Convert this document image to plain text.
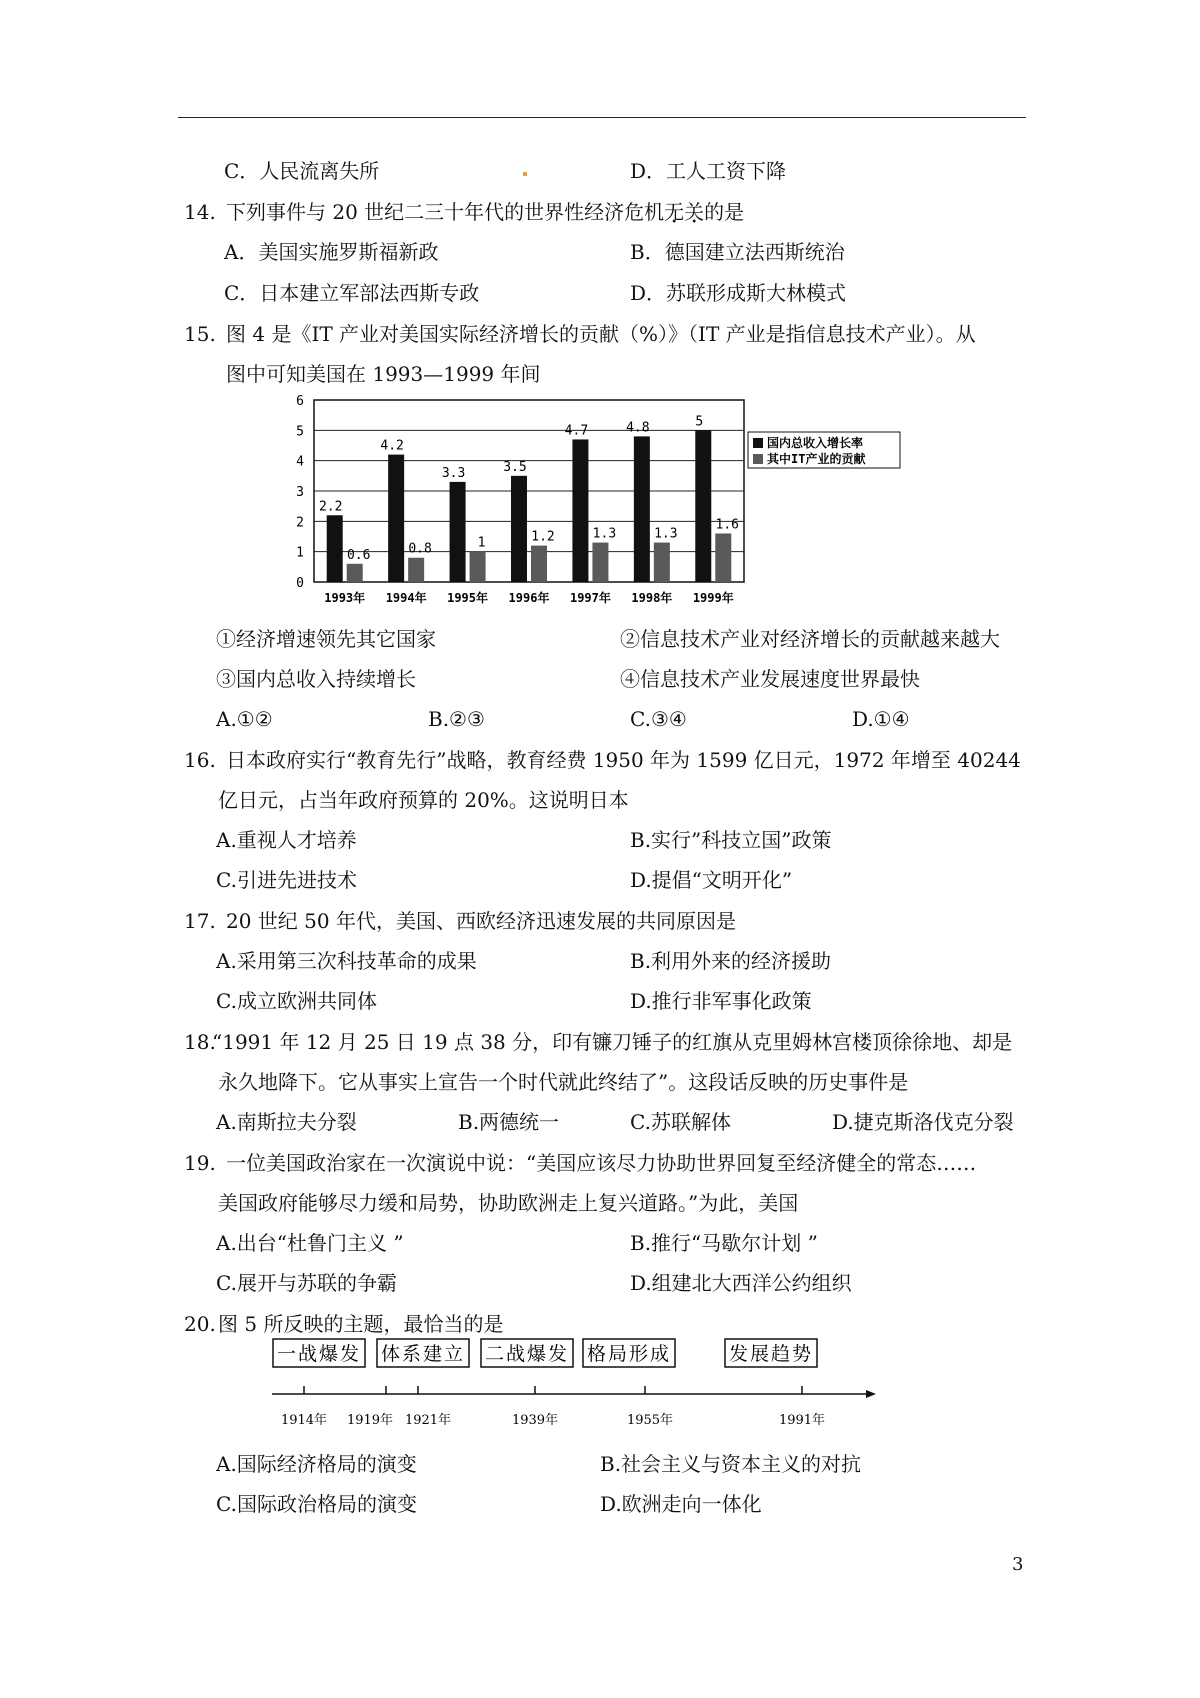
C．人民流离失所	D．工人工资下降
14. 下列事件与 20 世纪二三十年代的世界性经济危机无关的是
A．美国实施罗斯福新政	B．德国建立法西斯统治
C．日本建立军部法西斯专政	D．苏联形成斯大林模式
15. 图 4 是《IT 产业对美国实际经济增长的贡献（%）》（IT 产业是指信息技术产业）。从
图中可知美国在 1993—1999 年间
0
1
2
3
4
5
6
1993年
2.2
0.6
1994年
4.2
0.8
1995年
3.3
1
1996年
3.5
1.2
1997年
4.7
1.3
1998年
4.8
1.3
1999年
5
1.6
国内总收入增长率
其中IT产业的贡献
①经济增速领先其它国家	②信息技术产业对经济增长的贡献越来越大
③国内总收入持续增长	④信息技术产业发展速度世界最快
A.①②	B.②③	C.③④	D.①④
16. 日本政府实行“教育先行”战略，教育经费 1950 年为 1599 亿日元，1972 年增至 40244
亿日元，占当年政府预算的 20%。这说明日本
A.重视人才培养	B.实行”科技立国”政策
C.引进先进技术	D.提倡“文明开化”
17. 20 世纪 50 年代，美国、西欧经济迅速发展的共同原因是
A.采用第三次科技革命的成果	B.利用外来的经济援助
C.成立欧洲共同体	D.推行非军事化政策
18.
“1991 年 12 月 25 日 19 点 38 分，印有镰刀锤子的红旗从克里姆林宫楼顶徐徐地、却是
永久地降下。它从事实上宣告一个时代就此终结了”。这段话反映的历史事件是
A.南斯拉夫分裂	B.两德统一	C.苏联解体	D.捷克斯洛伐克分裂
19. 一位美国政治家在一次演说中说：“美国应该尽力协助世界回复至经济健全的常态……
美国政府能够尽力缓和局势，协助欧洲走上复兴道路。”为此，美国
A.出台“杜鲁门主义 ”	B.推行“马歇尔计划 ”
C.展开与苏联的争霸	D.组建北大西洋公约组织
20. 图 5 所反映的主题，最恰当的是
一战爆发 体系建立 二战爆发 格局形成	发展趋势
1914年 1919年 1921年	1939年	1955年	1991年
A.国际经济格局的演变	B.社会主义与资本主义的对抗
C.国际政治格局的演变	D.欧洲走向一体化
3
